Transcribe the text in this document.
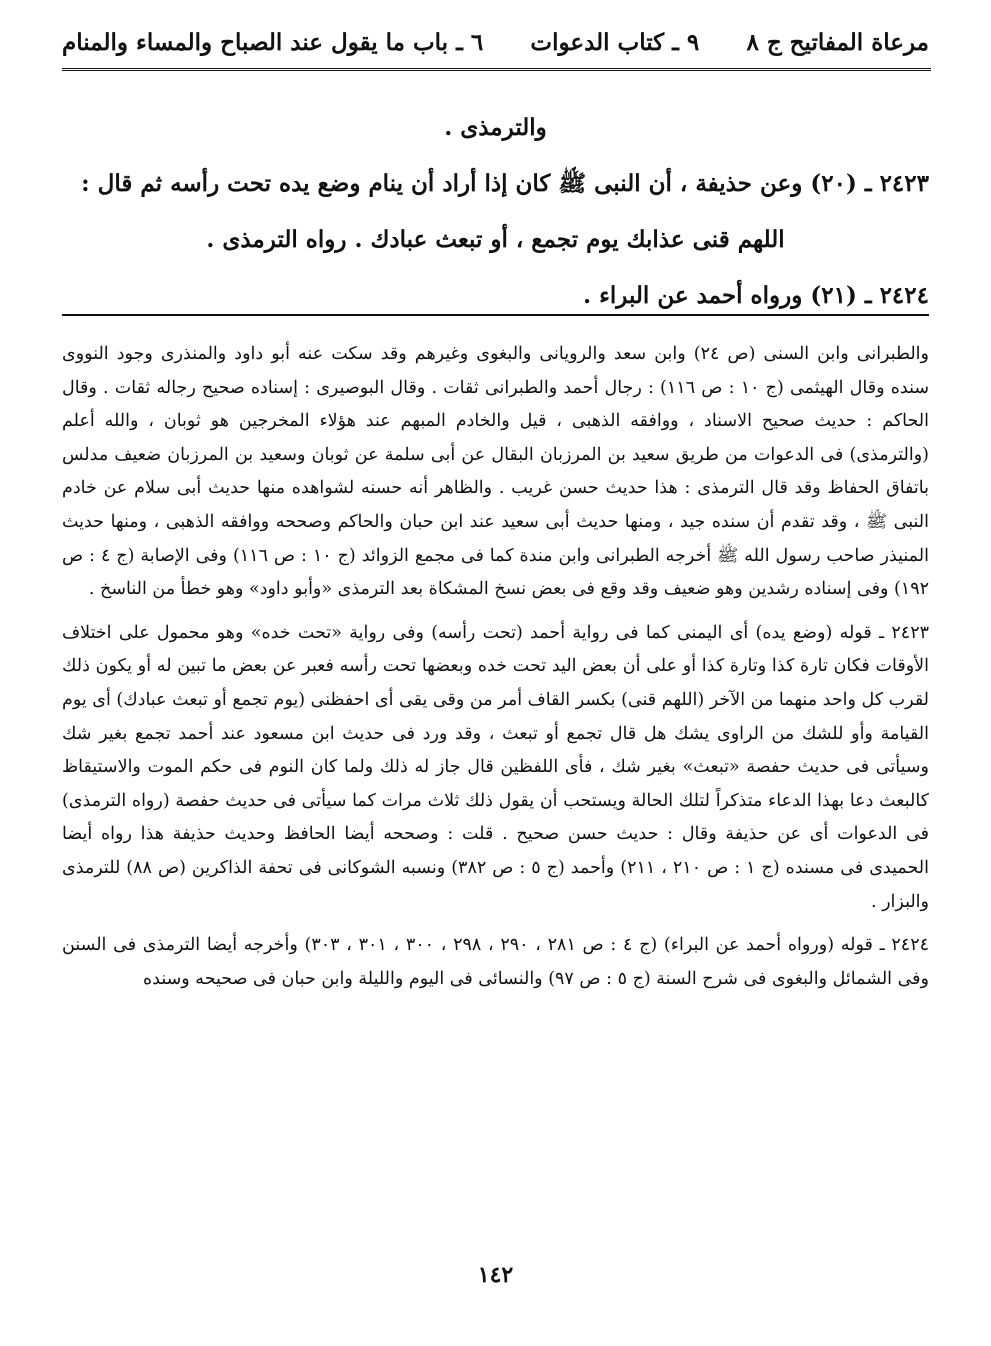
مرعاة المفاتيح ج ٨
٩ ـ كتاب الدعوات
٦ ـ باب ما يقول عند الصباح والمساء والمنام

والترمذى .

٢٤٢٣ ـ (٢٠) وعن حذيفة ، أن النبى ﷺ كان إذا أراد أن ينام وضع يده تحت رأسه ثم قال :

اللهم قنى عذابك يوم تجمع ، أو تبعث عبادك . رواه الترمذى .

٢٤٢٤ ـ (٢١) ورواه أحمد عن البراء .

والطبرانى وابن السنى (ص ٢٤) وابن سعد والرويانى والبغوى وغيرهم وقد سكت عنه أبو داود والمنذرى وجود النووى سنده وقال الهيثمى (ج ١٠ : ص ١١٦) : رجال أحمد والطبرانى ثقات . وقال البوصيرى : إسناده صحيح رجاله ثقات . وقال الحاكم : حديث صحيح الاسناد ، ووافقه الذهبى ، قيل والخادم المبهم عند هؤلاء المخرجين هو ثوبان ، والله أعلم (والترمذى) فى الدعوات من طريق سعيد بن المرزبان البقال عن أبى سلمة عن ثوبان وسعيد بن المرزبان ضعيف مدلس باتفاق الحفاظ وقد قال الترمذى : هذا حديث حسن غريب . والظاهر أنه حسنه لشواهده منها حديث أبى سلام عن خادم النبى ﷺ ، وقد تقدم أن سنده جيد ، ومنها حديث أبى سعيد عند ابن حبان والحاكم وصححه ووافقه الذهبى ، ومنها حديث المنيذر صاحب رسول الله ﷺ أخرجه الطبرانى وابن مندة كما فى مجمع الزوائد (ج ١٠ : ص ١١٦) وفى الإصابة (ج ٤ : ص ١٩٢) وفى إسناده رشدين وهو ضعيف وقد وقع فى بعض نسخ المشكاة بعد الترمذى «وأبو داود» وهو خطأ من الناسخ .

٢٤٢٣ ـ قوله (وضع يده) أى اليمنى كما فى رواية أحمد (تحت رأسه) وفى رواية «تحت خده» وهو محمول على اختلاف الأوقات فكان تارة كذا وتارة كذا أو على أن بعض اليد تحت خده وبعضها تحت رأسه فعبر عن بعض ما تبين له أو يكون ذلك لقرب كل واحد منهما من الآخر (اللهم قنى) بكسر القاف أمر من وقى يقى أى احفظنى (يوم تجمع أو تبعث عبادك) أى يوم القيامة وأو للشك من الراوى يشك هل قال تجمع أو تبعث ، وقد ورد فى حديث ابن مسعود عند أحمد تجمع بغير شك وسيأتى فى حديث حفصة «تبعث» بغير شك ، فأى اللفظين قال جاز له ذلك ولما كان النوم فى حكم الموت والاستيقاظ كالبعث دعا بهذا الدعاء متذكراً لتلك الحالة ويستحب أن يقول ذلك ثلاث مرات كما سيأتى فى حديث حفصة (رواه الترمذى) فى الدعوات أى عن حذيفة وقال : حديث حسن صحيح . قلت : وصححه أيضا الحافظ وحديث حذيفة هذا رواه أيضا الحميدى فى مسنده (ج ١ : ص ٢١٠ ، ٢١١) وأحمد (ج ٥ : ص ٣٨٢) ونسبه الشوكانى فى تحفة الذاكرين (ص ٨٨) للترمذى والبزار .

٢٤٢٤ ـ قوله (ورواه أحمد عن البراء) (ج ٤ : ص ٢٨١ ، ٢٩٠ ، ٢٩٨ ، ٣٠٠ ، ٣٠١ ، ٣٠٣) وأخرجه أيضا الترمذى فى السنن وفى الشمائل والبغوى فى شرح السنة (ج ٥ : ص ٩٧) والنسائى فى اليوم والليلة وابن حبان فى صحيحه وسنده

١٤٢
